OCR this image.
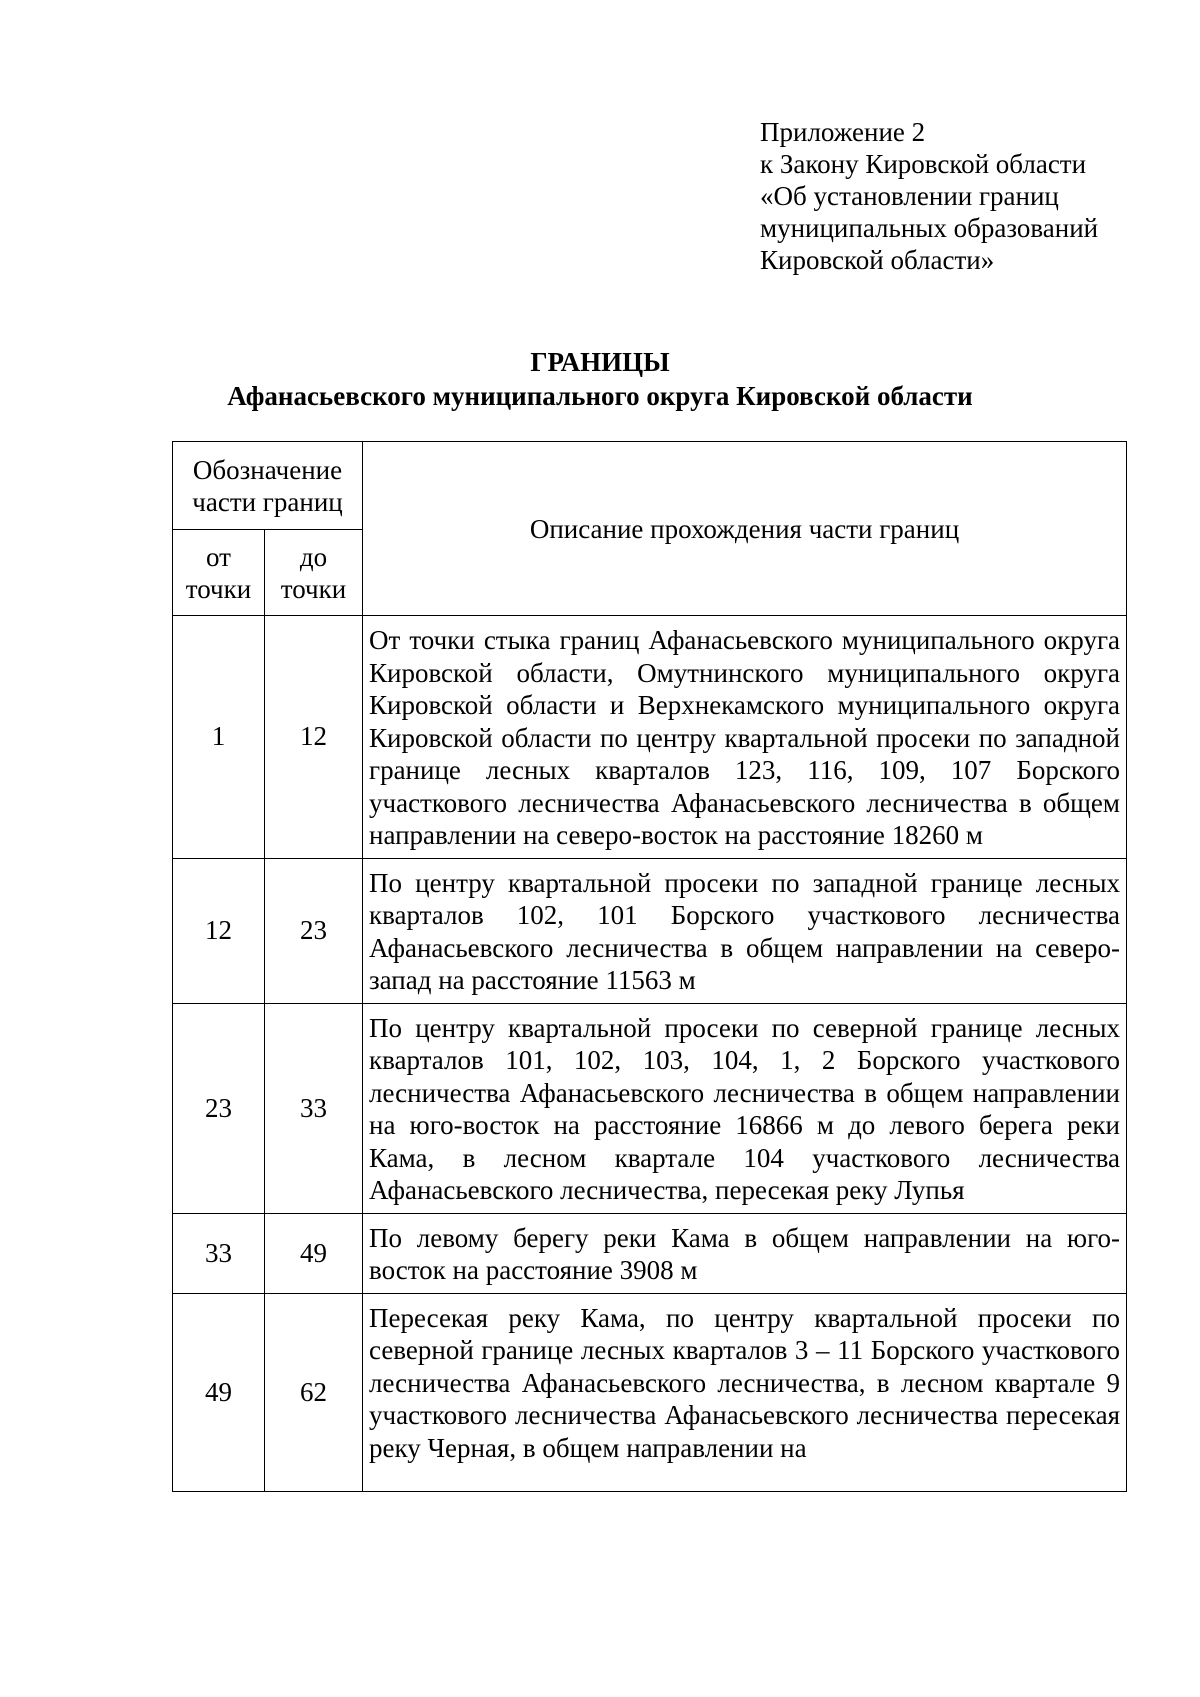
Приложение 2
к Закону Кировской области
«Об установлении границ
муниципальных образований
Кировской области»
ГРАНИЦЫ
Афанасьевского муниципального округа Кировской области
Обозначение части границ		Описание прохождения части границ
от точки	до точки	
1	12	От точки стыка границ Афанасьевского муниципального округа Кировской области, Омутнинского муниципального округа Кировской области и Верхнекамского муниципального округа Кировской области по центру квартальной просеки по западной границе лесных кварталов 123, 116, 109, 107 Борского участкового лесничества Афанасьевского лесничества в общем направлении на северо-восток на расстояние 18260 м
12	23	По центру квартальной просеки по западной границе лесных кварталов 102, 101 Борского участкового лесничества Афанасьевского лесничества в общем направлении на северо-запад на расстояние 11563 м
23	33	По центру квартальной просеки по северной границе лесных кварталов 101, 102, 103, 104, 1, 2 Борского участкового лесничества Афанасьевского лесничества в общем направлении на юго-восток на расстояние 16866 м до левого берега реки Кама, в лесном квартале 104 участкового лесничества Афанасьевского лесничества, пересекая реку Лупья
33	49	По левому берегу реки Кама в общем направлении на юго-восток на расстояние 3908 м
49	62	Пересекая реку Кама, по центру квартальной просеки по северной границе лесных кварталов 3 – 11 Борского участкового лесничества Афанасьевского лесничества, в лесном квартале 9 участкового лесничества Афанасьевского лесничества пересекая реку Черная, в общем направлении на
